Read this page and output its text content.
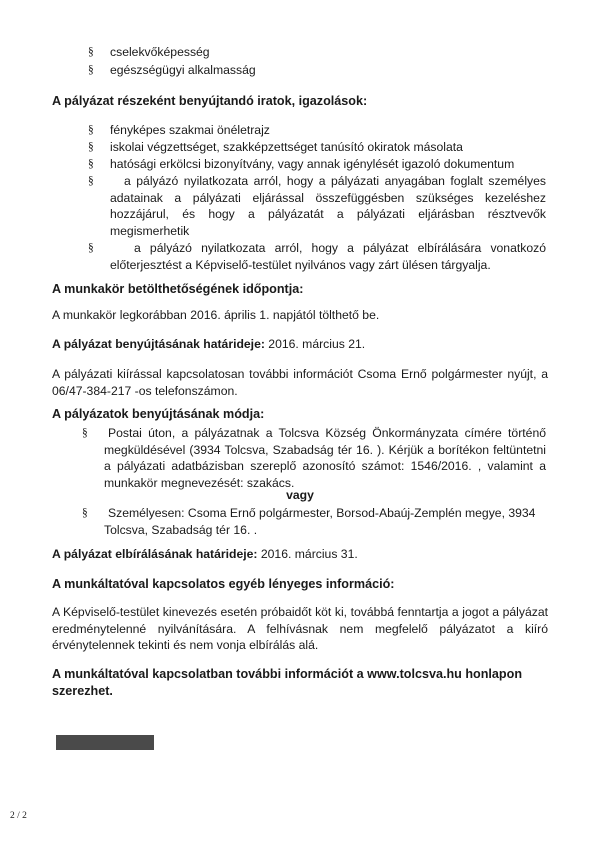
§ cselekvőképesség
§ egészségügyi alkalmasság
A pályázat részeként benyújtandó iratok, igazolások:
§ fényképes szakmai önéletrajz
§ iskolai végzettséget, szakképzettséget tanúsító okiratok másolata
§ hatósági erkölcsi bizonyítvány, vagy annak igénylését igazoló dokumentum
§	a pályázó nyilatkozata arról, hogy a pályázati anyagában foglalt személyes adatainak a pályázati eljárással összefüggésben szükséges kezeléshez hozzájárul, és hogy a pályázatát a pályázati eljárásban résztvevők megismerhetik
§	a pályázó nyilatkozata arról, hogy a pályázat elbírálására vonatkozó előterjesztést a Képviselő-testület nyilvános vagy zárt ülésen tárgyalja.
A munkakör betölthetőségének időpontja:
A munkakör legkorábban 2016. április 1. napjától tölthető be.
A pályázat benyújtásának határideje: 2016. március 21.
A pályázati kiírással kapcsolatosan további információt Csoma Ernő polgármester nyújt, a 06/47-384-217 -os telefonszámon.
A pályázatok benyújtásának módja:
§	Postai úton, a pályázatnak a Tolcsva Község Önkormányzata címére történő megküldésével (3934 Tolcsva, Szabadság tér 16. ). Kérjük a borítékon feltüntetni a pályázati adatbázisban szereplő azonosító számot: 1546/2016. , valamint a munkakör megnevezését: szakács.
vagy
§	Személyesen: Csoma Ernő polgármester, Borsod-Abaúj-Zemplén megye, 3934 Tolcsva, Szabadság tér 16. .
A pályázat elbírálásának határideje: 2016. március 31.
A munkáltatóval kapcsolatos egyéb lényeges információ:
A Képviselő-testület kinevezés esetén próbaidőt köt ki, továbbá fenntartja a jogot a pályázat eredménytelenné nyilvánítására. A felhívásnak nem megfelelő pályázatot a kiíró érvénytelennek tekinti és nem vonja elbírálás alá.
A munkáltatóval kapcsolatban további információt a www.tolcsva.hu honlapon szerezhet.
2 / 2
